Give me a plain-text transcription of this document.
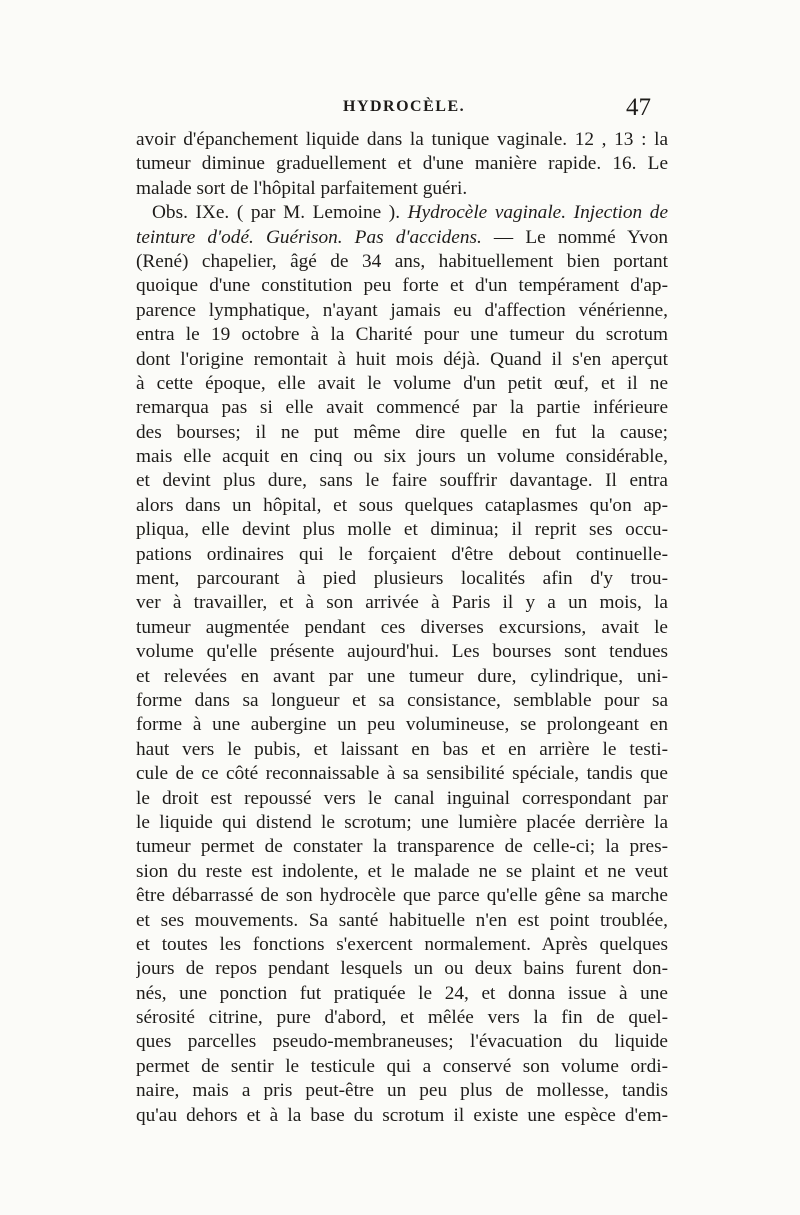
HYDROCÈLE.	47
avoir d'épanchement liquide dans la tunique vaginale. 12 , 13 : la
tumeur diminue graduellement et d'une manière rapide. 16. Le
malade sort de l'hôpital parfaitement guéri.
Obs. IXe. ( par M. Lemoine ). Hydrocèle vaginale. Injection de
teinture d'odé. Guérison. Pas d'accidens. — Le nommé Yvon
(René) chapelier, âgé de 34 ans, habituellement bien portant
quoique d'une constitution peu forte et d'un tempérament d'ap-
parence lymphatique, n'ayant jamais eu d'affection vénérienne,
entra le 19 octobre à la Charité pour une tumeur du scrotum
dont l'origine remontait à huit mois déjà. Quand il s'en aperçut
à cette époque, elle avait le volume d'un petit œuf, et il ne
remarqua pas si elle avait commencé par la partie inférieure
des bourses; il ne put même dire quelle en fut la cause;
mais elle acquit en cinq ou six jours un volume considérable,
et devint plus dure, sans le faire souffrir davantage. Il entra
alors dans un hôpital, et sous quelques cataplasmes qu'on ap-
pliqua, elle devint plus molle et diminua; il reprit ses occu-
pations ordinaires qui le forçaient d'être debout continuelle-
ment, parcourant à pied plusieurs localités afin d'y trou-
ver à travailler, et à son arrivée à Paris il y a un mois, la
tumeur augmentée pendant ces diverses excursions, avait le
volume qu'elle présente aujourd'hui. Les bourses sont tendues
et relevées en avant par une tumeur dure, cylindrique, uni-
forme dans sa longueur et sa consistance, semblable pour sa
forme à une aubergine un peu volumineuse, se prolongeant en
haut vers le pubis, et laissant en bas et en arrière le testi-
cule de ce côté reconnaissable à sa sensibilité spéciale, tandis que
le droit est repoussé vers le canal inguinal correspondant par
le liquide qui distend le scrotum; une lumière placée derrière la
tumeur permet de constater la transparence de celle-ci; la pres-
sion du reste est indolente, et le malade ne se plaint et ne veut
être débarrassé de son hydrocèle que parce qu'elle gêne sa marche
et ses mouvements. Sa santé habituelle n'en est point troublée,
et toutes les fonctions s'exercent normalement. Après quelques
jours de repos pendant lesquels un ou deux bains furent don-
nés, une ponction fut pratiquée le 24, et donna issue à une
sérosité citrine, pure d'abord, et mêlée vers la fin de quel-
ques parcelles pseudo-membraneuses; l'évacuation du liquide
permet de sentir le testicule qui a conservé son volume ordi-
naire, mais a pris peut-être un peu plus de mollesse, tandis
qu'au dehors et à la base du scrotum il existe une espèce d'em-
